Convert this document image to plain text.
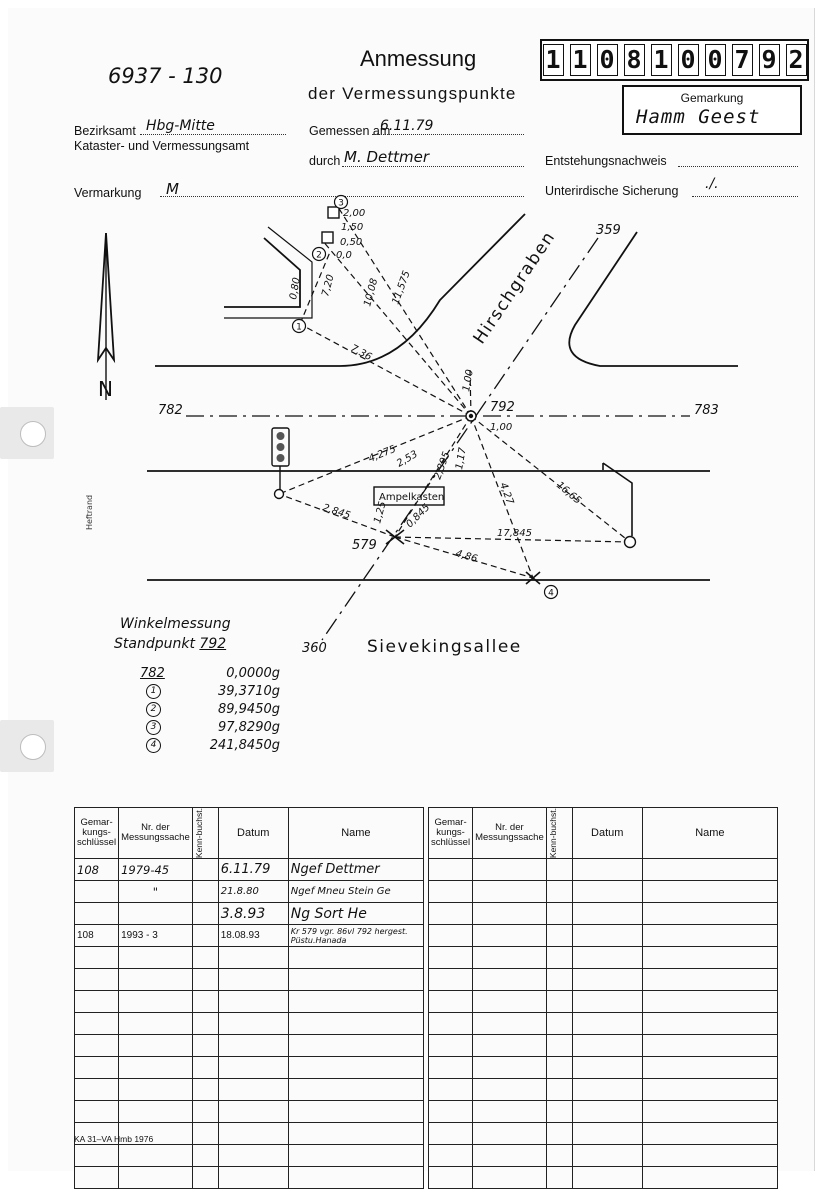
6937 - 130
Anmessung
der Vermessungspunkte
1 1 0 8 1 0 0 7 9 2
Gemarkung
Hamm Geest
Bezirksamt Hbg-Mitte
Kataster- und Vermessungsamt
Gemessen am
6.11.79
durch M. Dettmer	Entstehungsnachweis
Vermarkung M	Unterirdische Sicherung ./.
1
2
3
4
N
782	792	783
359
360
579
Hirschgraben
Sievekingsallee
Ampelkasten
2,00
1,50
0,50
0,0
0,80 7,20	10,08 11,575
7,36
1,00
1,00
4,275
2,53 2,395 1,17
4,27	16,65
2,845 1,25 0,845
17,845
4,86
Heftrand
Winkelmessung
Standpunkt 792
782	0,0000g
1	39,3710g
2	89,9450g
3	97,8290g
4	241,8450g
Gemar-kungs-schlüssel	Nr. der Messungssache	Kenn-buchst.	Datum	Name
108	1979-45		6.11.79	Ngef Dettmer
	"		21.8.80	Ngef Mneu Stein Ge
			3.8.93	Ng Sort He
108	1993 - 3		18.08.93	Kr 579 vgr. 86vl 792 hergest. Püstu.Hanada

Gemar-kungs-schlüssel	Nr. der Messungssache	Kenn-buchst.	Datum	Name

KA 31–VA Hmb 1976
